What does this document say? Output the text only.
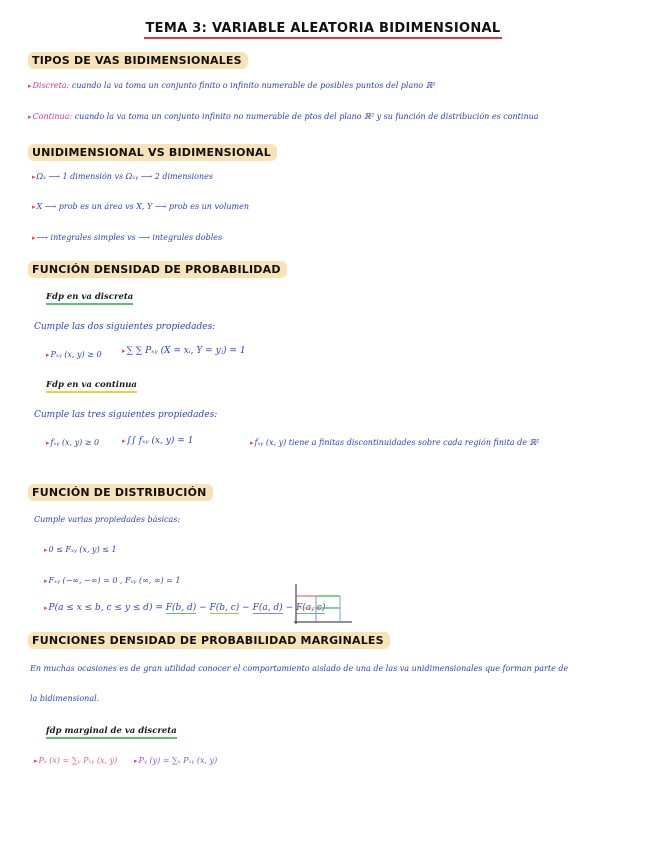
TEMA 3: VARIABLE ALEATORIA BIDIMENSIONAL
TIPOS DE VAS BIDIMENSIONALES
▸Discreta: cuando la va toma un conjunto finito o infinito numerable de posibles puntos del plano ℝ²
▸Continua: cuando la va toma un conjunto infinito no numerable de ptos del plano ℝ² y su función de distribución es continua
UNIDIMENSIONAL VS BIDIMENSIONAL
▸Ωₓ ⟶ 1 dimensión vs Ωₓᵧ ⟶ 2 dimensiones
▸X ⟶ prob es un área vs X, Y ⟶ prob es un volumen
▸⟶ integrales simples vs ⟶ integrales dobles
FUNCIÓN DENSIDAD DE PROBABILIDAD
Fdp en va discreta
Cumple las dos siguientes propiedades:
▸Pₓᵧ (x, y) ≥ 0	▸∑ ∑ Pₓᵧ (X = xᵢ, Y = yⱼ) = 1
Fdp en va continua
Cumple las tres siguientes propiedades:
▸fₓᵧ (x, y) ≥ 0	▸∫∫ fₓᵧ (x, y) = 1	▸fₓᵧ (x, y) tiene a finitas discontinuidades sobre cada región finita de ℝ²
FUNCIÓN DE DISTRIBUCIÓN
Cumple varias propiedades básicas:
▸0 ≤ Fₓᵧ (x, y) ≤ 1
▸Fₓᵧ (−∞, −∞) = 0 , Fₓᵧ (∞, ∞) = 1
▸P(a ≤ x ≤ b, c ≤ y ≤ d) = F(b, d) − F(b, c) − F(a, d) − F(a, c)
FUNCIONES DENSIDAD DE PROBABILIDAD MARGINALES
En muchas ocasiones es de gran utilidad conocer el comportamiento aislado de una de las va unidimensionales que forman parte de
la bidimensional.
fdp marginal de va discreta
▸Pₓ (x) = ∑ᵧ Pₓᵧ (x, y) ▸Pᵧ (y) = ∑ₓ Pₓᵧ (x, y)
